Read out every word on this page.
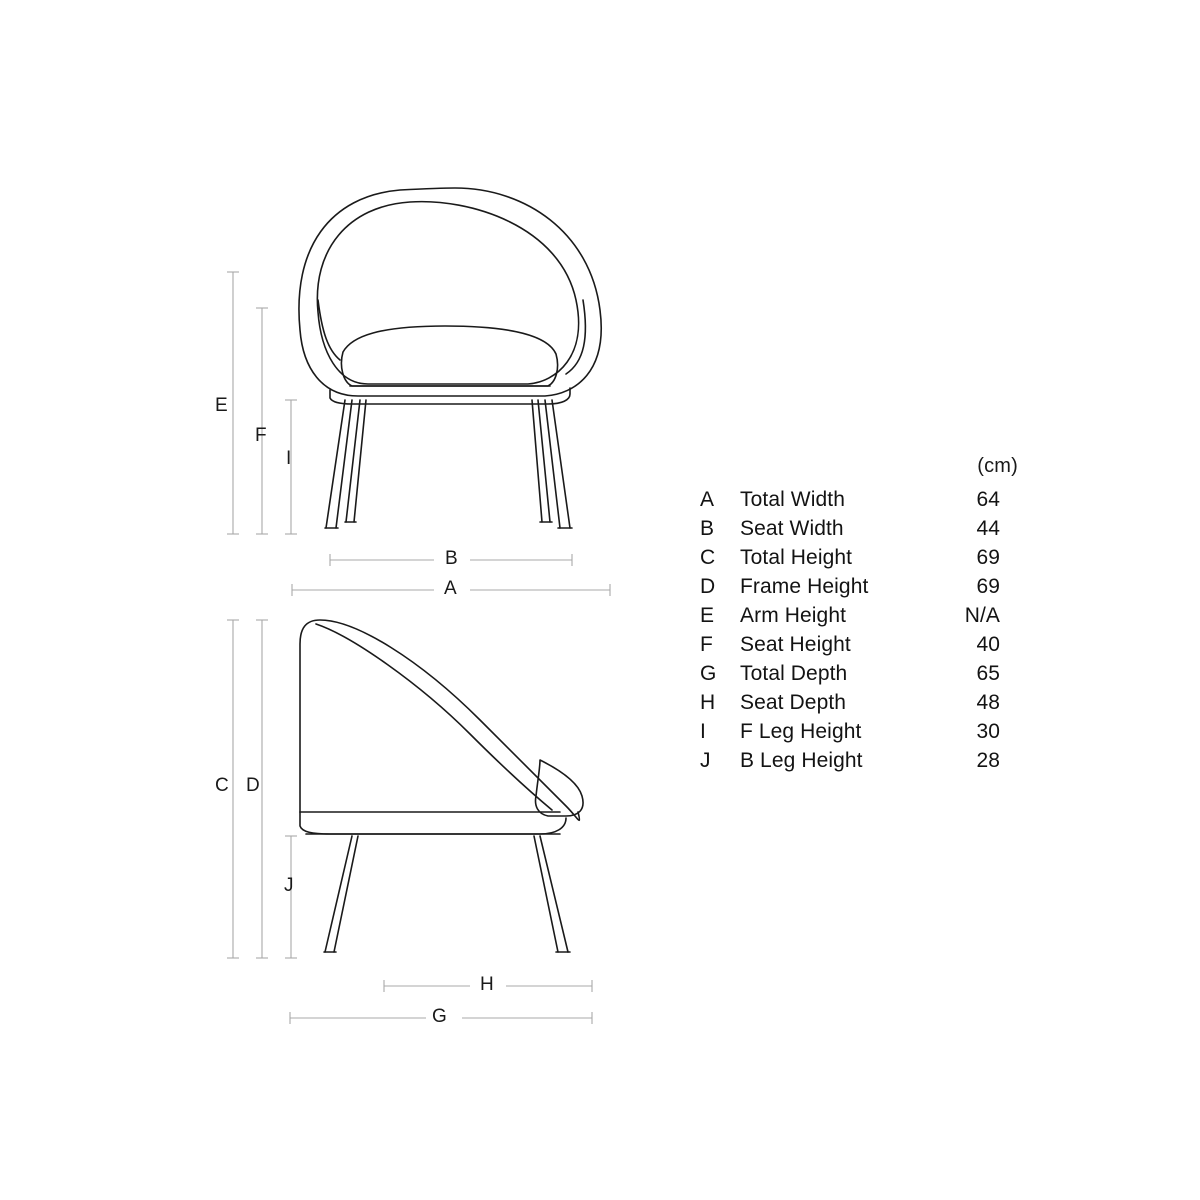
E
F
I
B
A
C D
J
H
G
(cm)
A	Total Width	64
B	Seat Width	44
C	Total Height	69
D	Frame Height	69
E	Arm Height	N/A
F	Seat Height	40
G	Total Depth	65
H	Seat Depth	48
I	F Leg Height	30
J	B Leg Height	28
